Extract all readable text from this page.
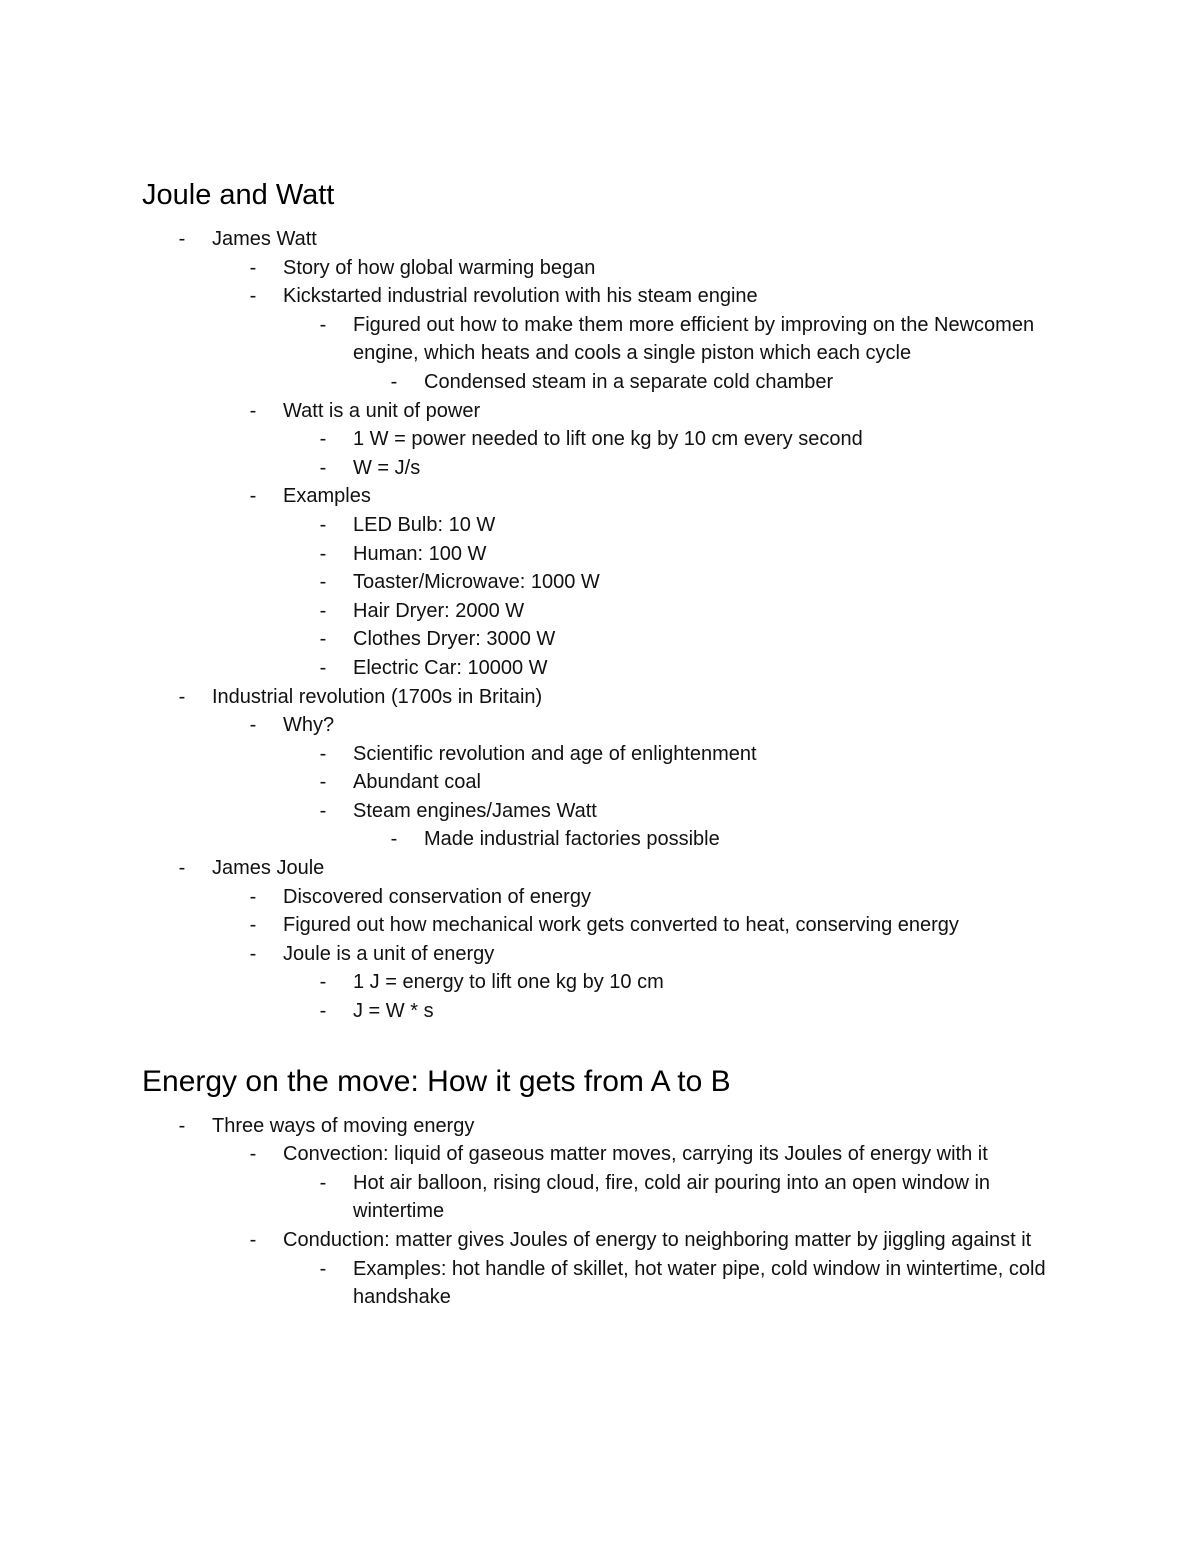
Joule and Watt
- James Watt
- Story of how global warming began
- Kickstarted industrial revolution with his steam engine
- Figured out how to make them more efficient by improving on the Newcomen engine, which heats and cools a single piston which each cycle
- Condensed steam in a separate cold chamber
- Watt is a unit of power
- 1 W = power needed to lift one kg by 10 cm every second
- W = J/s
- Examples
- LED Bulb: 10 W
- Human: 100 W
- Toaster/Microwave: 1000 W
- Hair Dryer: 2000 W
- Clothes Dryer: 3000 W
- Electric Car: 10000 W
- Industrial revolution (1700s in Britain)
- Why?
- Scientific revolution and age of enlightenment
- Abundant coal
- Steam engines/James Watt
- Made industrial factories possible
- James Joule
- Discovered conservation of energy
- Figured out how mechanical work gets converted to heat, conserving energy
- Joule is a unit of energy
- 1 J = energy to lift one kg by 10 cm
- J = W * s
Energy on the move: How it gets from A to B
- Three ways of moving energy
- Convection: liquid of gaseous matter moves, carrying its Joules of energy with it
- Hot air balloon, rising cloud, fire, cold air pouring into an open window in wintertime
- Conduction: matter gives Joules of energy to neighboring matter by jiggling against it
- Examples: hot handle of skillet, hot water pipe, cold window in wintertime, cold handshake
